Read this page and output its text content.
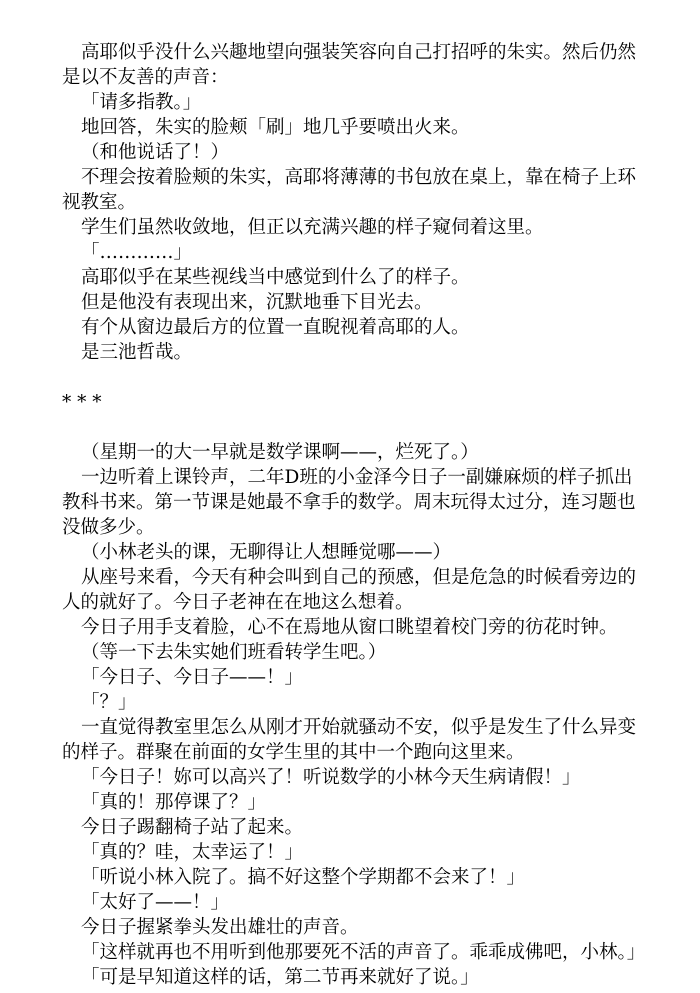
高耶似乎没什么兴趣地望向强装笑容向自己打招呼的朱实。然后仍然是以不友善的声音：

「请多指教。」

地回答，朱实的脸颊「刷」地几乎要喷出火来。

（和他说话了！）

不理会按着脸颊的朱实，高耶将薄薄的书包放在桌上，靠在椅子上环视教室。

学生们虽然收敛地，但正以充满兴趣的样子窥伺着这里。

「…………」

高耶似乎在某些视线当中感觉到什么了的样子。

但是他没有表现出来，沉默地垂下目光去。

有个从窗边最后方的位置一直睨视着高耶的人。

是三池哲哉。

* * *

（星期一的大一早就是数学课啊——，烂死了。）

一边听着上课铃声，二年D班的小金泽今日子一副嫌麻烦的样子抓出教科书来。第一节课是她最不拿手的数学。周末玩得太过分，连习题也没做多少。

（小林老头的课，无聊得让人想睡觉哪——）

从座号来看，今天有种会叫到自己的预感，但是危急的时候看旁边的人的就好了。今日子老神在在地这么想着。

今日子用手支着脸，心不在焉地从窗口眺望着校门旁的彷花时钟。

（等一下去朱实她们班看转学生吧。）

「今日子、今日子——！」

「？」

一直觉得教室里怎么从刚才开始就骚动不安，似乎是发生了什么异变的样子。群聚在前面的女学生里的其中一个跑向这里来。

「今日子！妳可以高兴了！听说数学的小林今天生病请假！」

「真的！那停课了？」

今日子踢翻椅子站了起来。

「真的？哇，太幸运了！」

「听说小林入院了。搞不好这整个学期都不会来了！」

「太好了——！」

今日子握紧拳头发出雄壮的声音。

「这样就再也不用听到他那要死不活的声音了。乖乖成佛吧，小林。」

「可是早知道这样的话，第二节再来就好了说。」
